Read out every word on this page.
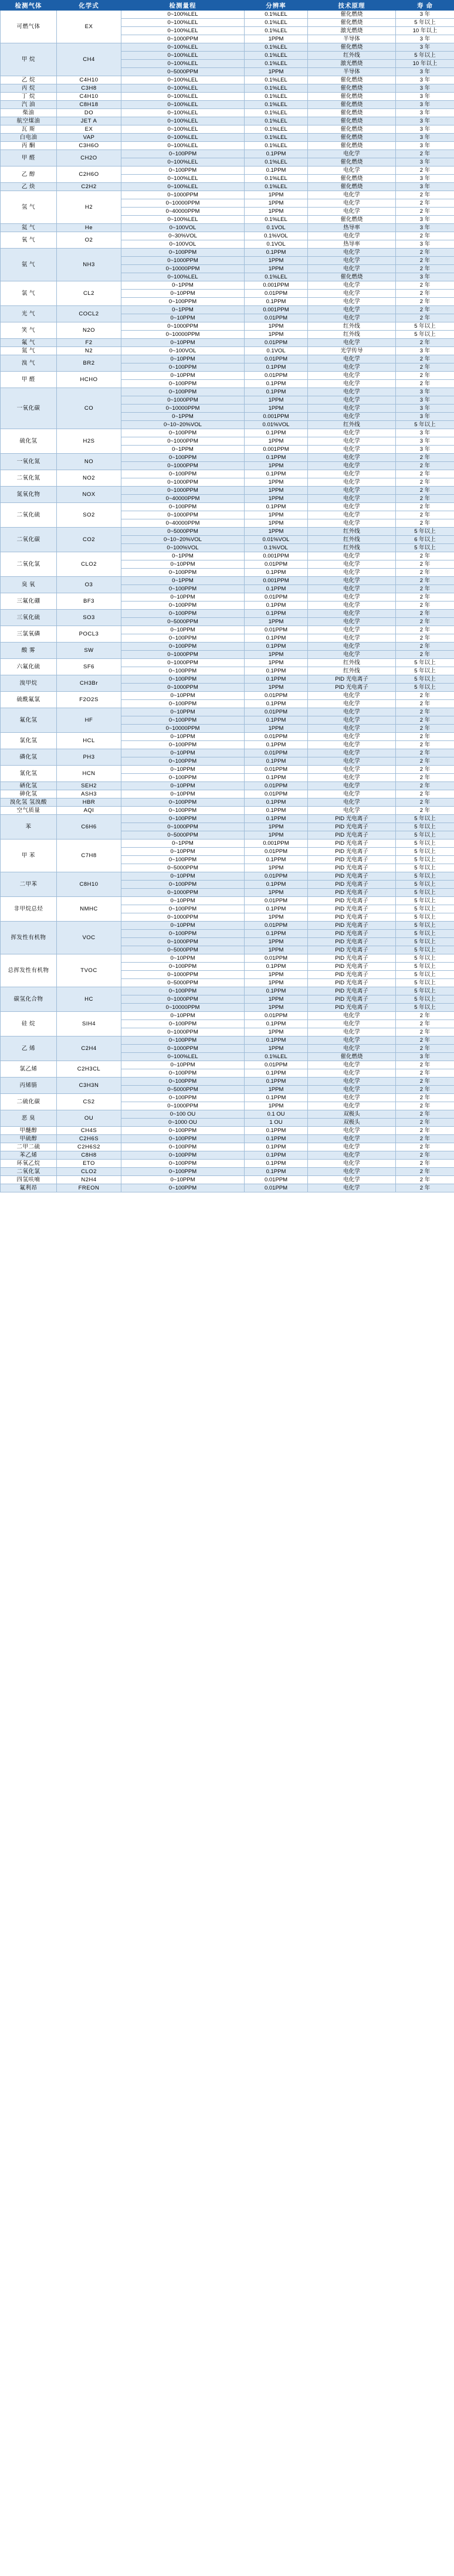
检测气体	化学式	检测量程	分辨率	技术原理	寿 命
可燃气体	EX	0~100%LEL	0.1%LEL	催化燃烧	3 年
		0~100%LEL	0.1%LEL	催化燃烧	5 年以上
		0~100%LEL	0.1%LEL	激光燃烧	10 年以上
		0~1000PPM	1PPM	半导体	3 年
甲 烷	CH4	0~100%LEL	0.1%LEL	催化燃烧	3 年
		0~100%LEL	0.1%LEL	红外线	5 年以上
		0~100%LEL	0.1%LEL	激光燃烧	10 年以上
		0~5000PPM	1PPM	半导体	3 年
乙 烷	C4H10	0~100%LEL	0.1%LEL	催化燃烧	3 年
丙 烷	C3H8	0~100%LEL	0.1%LEL	催化燃烧	3 年
丁 烷	C4H10	0~100%LEL	0.1%LEL	催化燃烧	3 年
汽 油	C8H18	0~100%LEL	0.1%LEL	催化燃烧	3 年
柴油	DO	0~100%LEL	0.1%LEL	催化燃烧	3 年
航空煤油	JET A	0~100%LEL	0.1%LEL	催化燃烧	3 年
瓦 斯	EX	0~100%LEL	0.1%LEL	催化燃烧	3 年
白电油	VAP	0~100%LEL	0.1%LEL	催化燃烧	3 年
丙 酮	C3H6O	0~100%LEL	0.1%LEL	催化燃烧	3 年
甲 醛	CH2O	0~100PPM	0.1PPM	电化学	2 年
		0~100%LEL	0.1%LEL	催化燃烧	3 年
乙 醇	C2H6O	0~100PPM	0.1PPM	电化学	2 年
		0~100%LEL	0.1%LEL	催化燃烧	3 年
乙 炔	C2H2	0~100%LEL	0.1%LEL	催化燃烧	3 年
氢 气	H2	0~1000PPM	1PPM	电化学	2 年
		0~10000PPM	1PPM	电化学	2 年
		0~40000PPM	1PPM	电化学	2 年
		0~100%LEL	0.1%LEL	催化燃烧	3 年
氦 气	He	0~100VOL	0.1VOL	热导率	3 年
氧 气	O2	0~30%VOL	0.1%VOL	电化学	2 年
		0~100VOL	0.1VOL	热导率	3 年
氨 气	NH3	0~100PPM	0.1PPM	电化学	2 年
		0~1000PPM	1PPM	电化学	2 年
		0~10000PPM	1PPM	电化学	2 年
		0~100%LEL	0.1%LEL	催化燃烧	3 年
氯 气	CL2	0~1PPM	0.001PPM	电化学	2 年
		0~10PPM	0.01PPM	电化学	2 年
		0~100PPM	0.1PPM	电化学	2 年
光 气	COCL2	0~1PPM	0.001PPM	电化学	2 年
		0~10PPM	0.01PPM	电化学	2 年
笑 气	N2O	0~1000PPM	1PPM	红外线	5 年以上
		0~10000PPM	1PPM	红外线	5 年以上
氟 气	F2	0~10PPM	0.01PPM	电化学	2 年
氮 气	N2	0~100VOL	0.1VOL	光学传导	3 年
溴 气	BR2	0~10PPM	0.01PPM	电化学	2 年
		0~100PPM	0.1PPM	电化学	2 年
甲 醛	HCHO	0~10PPM	0.01PPM	电化学	2 年
		0~100PPM	0.1PPM	电化学	2 年
一氧化碳	CO	0~100PPM	0.1PPM	电化学	3 年
		0~1000PPM	1PPM	电化学	3 年
		0~10000PPM	1PPM	电化学	3 年
		0~1PPM	0.001PPM	电化学	3 年
		0~10~20%VOL	0.01%VOL	红外线	5 年以上
硫化氢	H2S	0~100PPM	0.1PPM	电化学	3 年
		0~1000PPM	1PPM	电化学	3 年
		0~1PPM	0.001PPM	电化学	3 年
一氧化氮	NO	0~100PPM	0.1PPM	电化学	2 年
		0~1000PPM	1PPM	电化学	2 年
二氧化氮	NO2	0~100PPM	0.1PPM	电化学	2 年
		0~1000PPM	1PPM	电化学	2 年
氮氧化物	NOX	0~1000PPM	1PPM	电化学	2 年
		0~40000PPM	1PPM	电化学	2 年
二氧化硫	SO2	0~100PPM	0.1PPM	电化学	2 年
		0~1000PPM	1PPM	电化学	2 年
		0~40000PPM	1PPM	电化学	2 年
二氧化碳	CO2	0~5000PPM	1PPM	红外线	5 年以上
		0~10~20%VOL	0.01%VOL	红外线	6 年以上
		0~100%VOL	0.1%VOL	红外线	5 年以上
二氧化氯	CLO2	0~1PPM	0.001PPM	电化学	2 年
		0~10PPM	0.01PPM	电化学	2 年
		0~100PPM	0.1PPM	电化学	2 年
臭 氧	O3	0~1PPM	0.001PPM	电化学	2 年
		0~100PPM	0.1PPM	电化学	2 年
三氟化硼	BF3	0~10PPM	0.01PPM	电化学	2 年
		0~100PPM	0.1PPM	电化学	2 年
三氧化硫	SO3	0~100PPM	0.1PPM	电化学	2 年
		0~5000PPM	1PPM	电化学	2 年
三氯氧磷	POCL3	0~10PPM	0.01PPM	电化学	2 年
		0~100PPM	0.1PPM	电化学	2 年
酸 雾	SW	0~100PPM	0.1PPM	电化学	2 年
		0~1000PPM	1PPM	电化学	2 年
六氟化硫	SF6	0~1000PPM	1PPM	红外线	5 年以上
		0~100PPM	0.1PPM	红外线	5 年以上
溴甲烷	CH3Br	0~100PPM	0.1PPM	PID 光电离子	5 年以上
		0~1000PPM	1PPM	PID 光电离子	5 年以上
硫酰氟氯	F2O2S	0~10PPM	0.01PPM	电化学	2 年
		0~100PPM	0.1PPM	电化学	2 年
氟化氢	HF	0~10PPM	0.01PPM	电化学	2 年
		0~100PPM	0.1PPM	电化学	2 年
		0~10000PPM	1PPM	电化学	2 年
氯化氢	HCL	0~10PPM	0.01PPM	电化学	2 年
		0~100PPM	0.1PPM	电化学	2 年
磷化氢	PH3	0~10PPM	0.01PPM	电化学	2 年
		0~100PPM	0.1PPM	电化学	2 年
氰化氢	HCN	0~10PPM	0.01PPM	电化学	2 年
		0~100PPM	0.1PPM	电化学	2 年
硒化氢	SEH2	0~10PPM	0.01PPM	电化学	2 年
砷化氢	ASH3	0~10PPM	0.01PPM	电化学	2 年
溴化氢 氢溴酸	HBR	0~100PPM	0.1PPM	电化学	2 年
空气质量	AQI	0~100PPM	0.1PPM	电化学	2 年
苯	C6H6	0~100PPM	0.1PPM	PID 光电离子	5 年以上
		0~1000PPM	1PPM	PID 光电离子	5 年以上
		0~5000PPM	1PPM	PID 光电离子	5 年以上
甲 苯	C7H8	0~1PPM	0.001PPM	PID 光电离子	5 年以上
		0~10PPM	0.01PPM	PID 光电离子	5 年以上
		0~100PPM	0.1PPM	PID 光电离子	5 年以上
		0~5000PPM	1PPM	PID 光电离子	5 年以上
二甲苯	C8H10	0~10PPM	0.01PPM	PID 光电离子	5 年以上
		0~100PPM	0.1PPM	PID 光电离子	5 年以上
		0~1000PPM	1PPM	PID 光电离子	5 年以上
非甲烷总烃	NMHC	0~10PPM	0.01PPM	PID 光电离子	5 年以上
		0~100PPM	0.1PPM	PID 光电离子	5 年以上
		0~1000PPM	1PPM	PID 光电离子	5 年以上
挥发性有机物	VOC	0~10PPM	0.01PPM	PID 光电离子	5 年以上
		0~100PPM	0.1PPM	PID 光电离子	5 年以上
		0~1000PPM	1PPM	PID 光电离子	5 年以上
		0~5000PPM	1PPM	PID 光电离子	5 年以上
总挥发性有机物	TVOC	0~10PPM	0.01PPM	PID 光电离子	5 年以上
		0~100PPM	0.1PPM	PID 光电离子	5 年以上
		0~1000PPM	1PPM	PID 光电离子	5 年以上
		0~5000PPM	1PPM	PID 光电离子	5 年以上
碳氢化合物	HC	0~100PPM	0.1PPM	PID 光电离子	5 年以上
		0~1000PPM	1PPM	PID 光电离子	5 年以上
		0~10000PPM	1PPM	PID 光电离子	5 年以上
硅 烷	SIH4	0~10PPM	0.01PPM	电化学	2 年
		0~100PPM	0.1PPM	电化学	2 年
		0~1000PPM	1PPM	电化学	2 年
乙 烯	C2H4	0~100PPM	0.1PPM	电化学	2 年
		0~1000PPM	1PPM	电化学	2 年
		0~100%LEL	0.1%LEL	催化燃烧	3 年
氯乙烯	C2H3CL	0~10PPM	0.01PPM	电化学	2 年
		0~100PPM	0.1PPM	电化学	2 年
丙烯腈	C3H3N	0~100PPM	0.1PPM	电化学	2 年
		0~5000PPM	1PPM	电化学	2 年
二硫化碳	CS2	0~100PPM	0.1PPM	电化学	2 年
		0~1000PPM	1PPM	电化学	2 年
恶 臭	OU	0~100 OU	0.1 OU	双极头	2 年
		0~1000 OU	1 OU	双极头	2 年
甲醚醇	CH4S	0~100PPM	0.1PPM	电化学	2 年
甲硫醇	C2H6S	0~100PPM	0.1PPM	电化学	2 年
二甲二硫	C2H6S2	0~100PPM	0.1PPM	电化学	2 年
苯乙烯	C8H8	0~100PPM	0.1PPM	电化学	2 年
环氧乙烷	ETO	0~100PPM	0.1PPM	电化学	2 年
二氧化氯	CLO2	0~100PPM	0.1PPM	电化学	2 年
四氢呋喃	N2H4	0~10PPM	0.01PPM	电化学	2 年
氟利昂	FREON	0~100PPM	0.01PPM	电化学	2 年
